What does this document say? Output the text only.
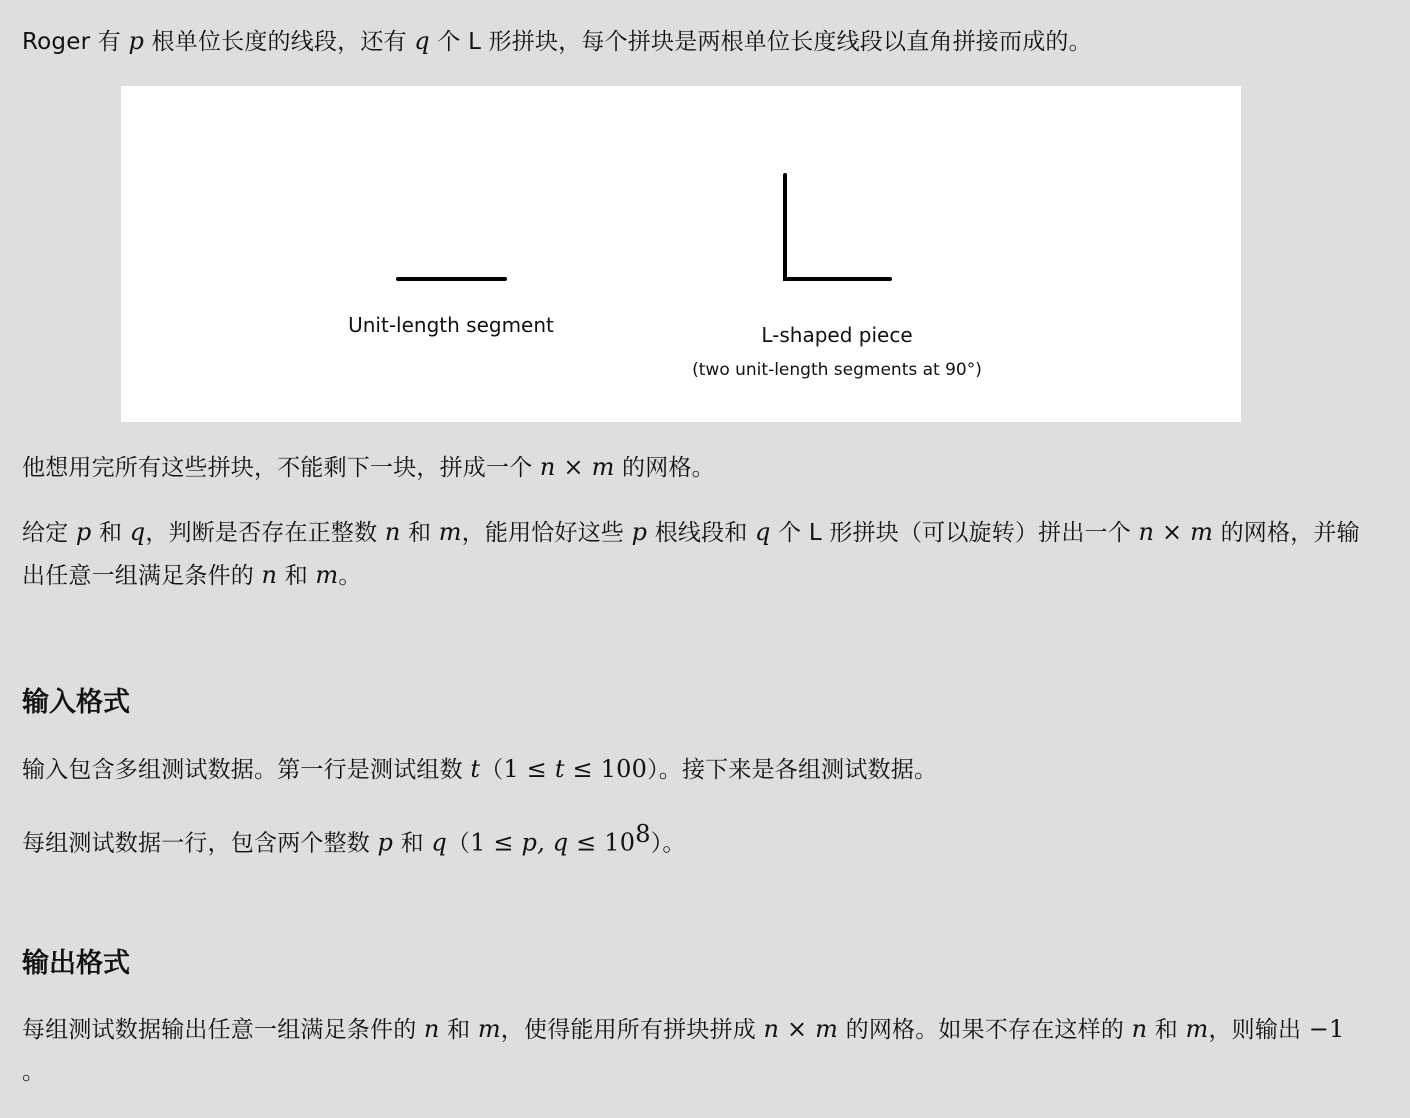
Roger 有 p 根单位长度的线段，还有 q 个 L 形拼块，每个拼块是两根单位长度线段以直角拼接而成的。

他想用完所有这些拼块，不能剩下一块，拼成一个 n × m 的网格。

给定 p 和 q，判断是否存在正整数 n 和 m，能用恰好这些 p 根线段和 q 个 L 形拼块（可以旋转）拼出一个 n × m 的网格，并输
出任意一组满足条件的 n 和 m。

输入格式

输入包含多组测试数据。第一行是测试组数 t（1 ≤ t ≤ 100）。接下来是各组测试数据。

每组测试数据一行，包含两个整数 p 和 q（1 ≤ p, $q \le 10^8$）。

输出格式

每组测试数据输出任意一组满足条件的 n 和 m，使得能用所有拼块拼成 n × m 的网格。如果不存在这样的 n 和 m，则输出 −1
。

Unit-length segment	L-shaped piece
(two unit-length segments at 90°)
